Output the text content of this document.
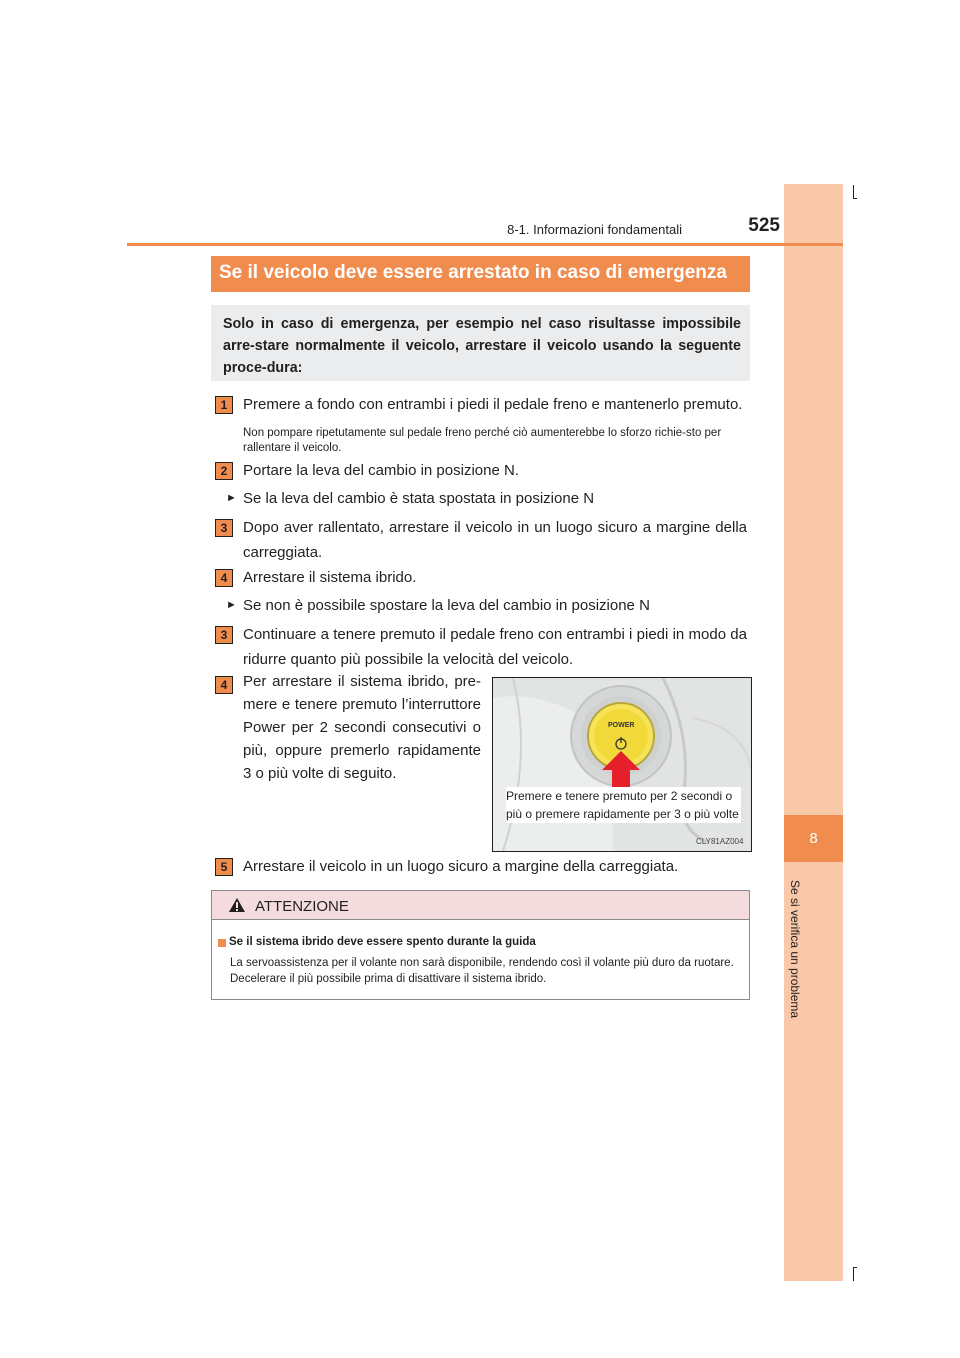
8
Se si verifica un problema
525
8-1. Informazioni fondamentali
Se il veicolo deve essere arrestato in caso di emergenza

Solo in caso di emergenza, per esempio nel caso risultasse impossibile arre-stare normalmente il veicolo, arrestare il veicolo usando la seguente proce-dura:

1	Premere a fondo con entrambi i piedi il pedale freno e mantenerlo premuto.
Non pompare ripetutamente sul pedale freno perché ciò aumenterebbe lo sforzo richie-sto per rallentare il veicolo.
2	Portare la leva del cambio in posizione N.
► Se la leva del cambio è stata spostata in posizione N
3	Dopo aver rallentato, arrestare il veicolo in un luogo sicuro a margine della carreggiata.
4	Arrestare il sistema ibrido.
► Se non è possibile spostare la leva del cambio in posizione N
3	Continuare a tenere premuto il pedale freno con entrambi i piedi in modo da ridurre quanto più possibile la velocità del veicolo.
4	Per arrestare il sistema ibrido, pre-mere e tenere premuto l’interruttore Power per 2 secondi consecutivi o più, oppure premerlo rapidamente 3 o più volte di seguito.
POWER
Premere e tenere premuto per 2 secondi o più o premere rapidamente per 3 o più volte
CLY81AZ004
5	Arrestare il veicolo in un luogo sicuro a margine della carreggiata.
ATTENZIONE
Se il sistema ibrido deve essere spento durante la guida
La servoassistenza per il volante non sarà disponibile, rendendo così il volante più duro da ruotare. Decelerare il più possibile prima di disattivare il sistema ibrido.
